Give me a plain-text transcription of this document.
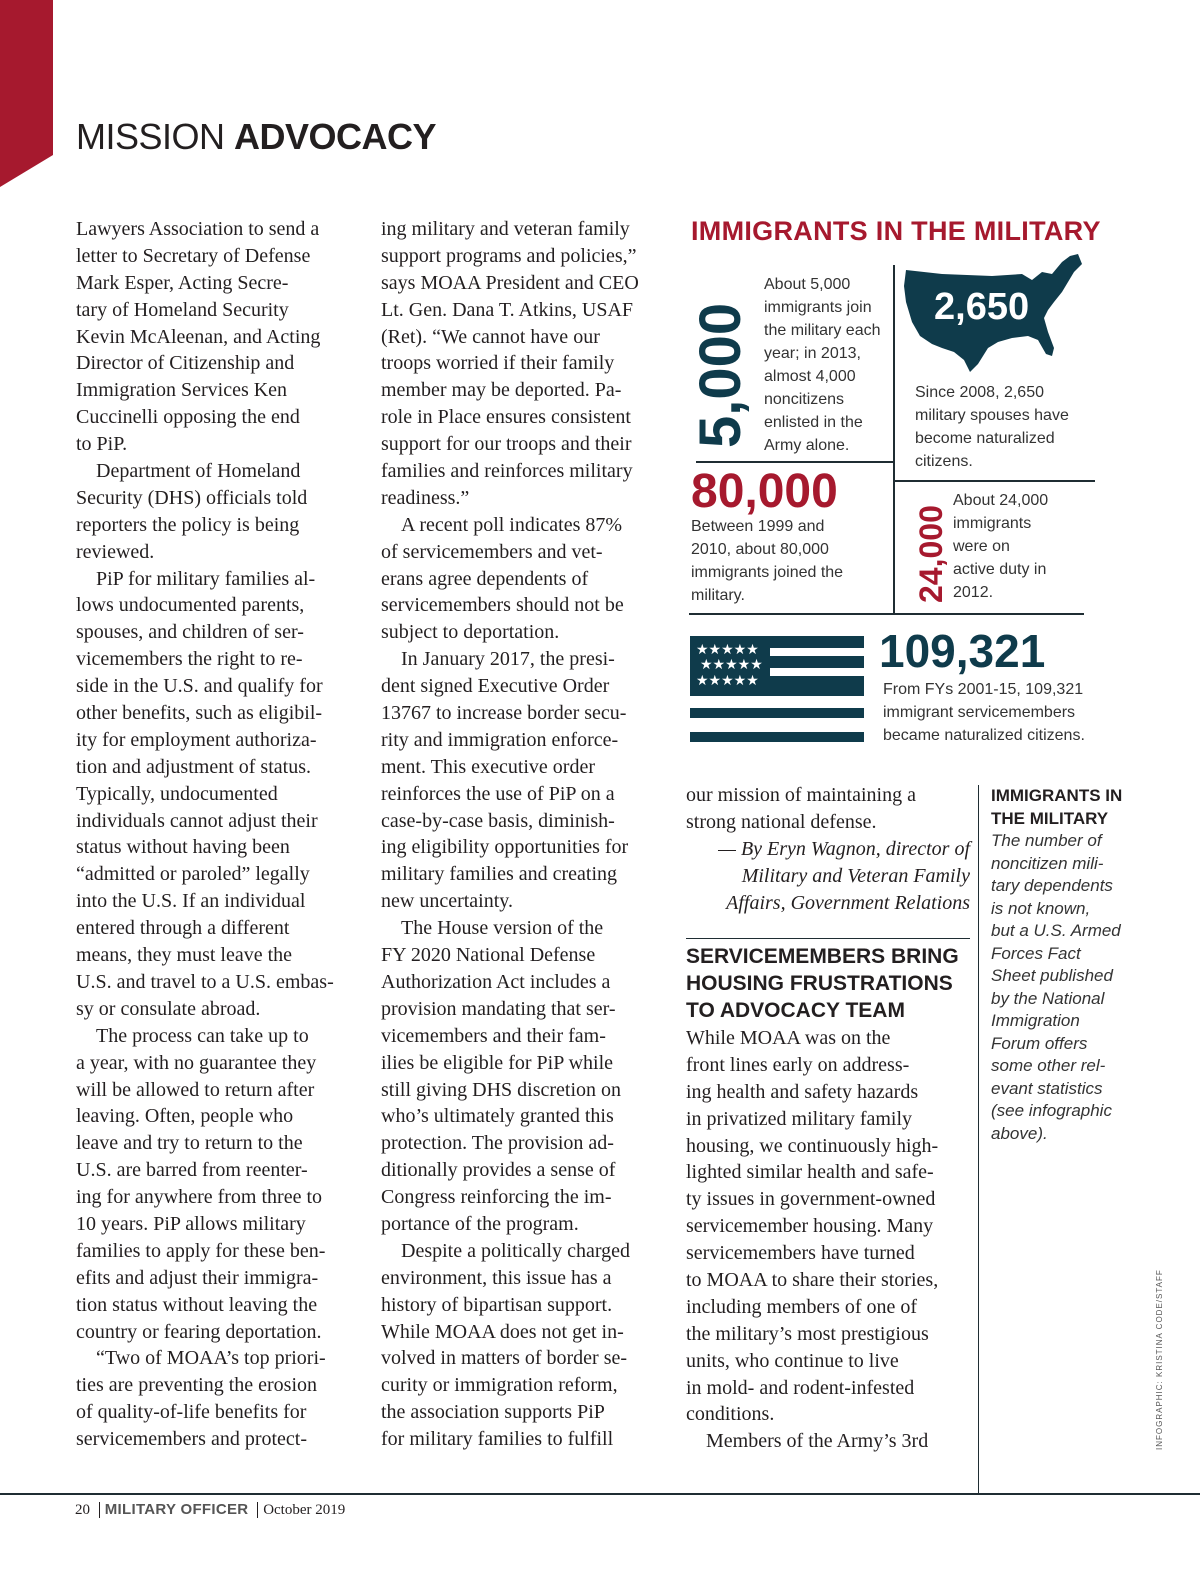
MISSION ADVOCACY
Lawyers Association to send a
letter to Secretary of Defense
Mark Esper, Acting Secre-
tary of Homeland Security
Kevin McAleenan, and Acting
Director of Citizenship and
Immigration Services Ken
Cuccinelli opposing the end
to PiP.
Department of Homeland
Security (DHS) officials told
reporters the policy is being
reviewed.
PiP for military families al-
lows undocumented parents,
spouses, and children of ser-
vicemembers the right to re-
side in the U.S. and qualify for
other benefits, such as eligibil-
ity for employment authoriza-
tion and adjustment of status.
Typically, undocumented
individuals cannot adjust their
status without having been
“admitted or paroled” legally
into the U.S. If an individual
entered through a different
means, they must leave the
U.S. and travel to a U.S. embas-
sy or consulate abroad.
The process can take up to
a year, with no guarantee they
will be allowed to return after
leaving. Often, people who
leave and try to return to the
U.S. are barred from reenter-
ing for anywhere from three to
10 years. PiP allows military
families to apply for these ben-
efits and adjust their immigra-
tion status without leaving the
country or fearing deportation.
“Two of MOAA’s top priori-
ties are preventing the erosion
of quality-of-life benefits for
servicemembers and protect-
ing military and veteran family
support programs and policies,”
says MOAA President and CEO
Lt. Gen. Dana T. Atkins, USAF
(Ret). “We cannot have our
troops worried if their family
member may be deported. Pa-
role in Place ensures consistent
support for our troops and their
families and reinforces military
readiness.”
A recent poll indicates 87%
of servicemembers and vet-
erans agree dependents of
servicemembers should not be
subject to deportation.
In January 2017, the presi-
dent signed Executive Order
13767 to increase border secu-
rity and immigration enforce-
ment. This executive order
reinforces the use of PiP on a
case-by-case basis, diminish-
ing eligibility opportunities for
military families and creating
new uncertainty.
The House version of the
FY 2020 National Defense
Authorization Act includes a
provision mandating that ser-
vicemembers and their fam-
ilies be eligible for PiP while
still giving DHS discretion on
who’s ultimately granted this
protection. The provision ad-
ditionally provides a sense of
Congress reinforcing the im-
portance of the program.
Despite a politically charged
environment, this issue has a
history of bipartisan support.
While MOAA does not get in-
volved in matters of border se-
curity or immigration reform,
the association supports PiP
for military families to fulfill
our mission of maintaining a
strong national defense.
— By Eryn Wagnon, director of
Military and Veteran Family
Affairs, Government Relations
SERVICEMEMBERS BRING
HOUSING FRUSTRATIONS
TO ADVOCACY TEAM
While MOAA was on the
front lines early on address-
ing health and safety hazards
in privatized military family
housing, we continuously high-
lighted similar health and safe-
ty issues in government-owned
servicemember housing. Many
servicemembers have turned
to MOAA to share their stories,
including members of one of
the military’s most prestigious
units, who continue to live
in mold- and rodent-infested
conditions.
Members of the Army’s 3rd
IMMIGRANTS IN
THE MILITARY
The number of
noncitizen mili-
tary dependents
is not known,
but a U.S. Armed
Forces Fact
Sheet published
by the National
Immigration
Forum offers
some other rel-
evant statistics
(see infographic
above).
IMMIGRANTS IN THE MILITARY
5,000
About 5,000
immigrants join
the military each
year; in 2013,
almost 4,000
noncitizens
enlisted in the
Army alone.
2,650
Since 2008, 2,650
military spouses have
become naturalized
citizens.
80,000
Between 1999 and
2010, about 80,000
immigrants joined the
military.	24,000
About 24,000
immigrants
were on
active duty in
2012.
★★★★★
★★★★★
★★★★★
109,321
From FYs 2001-15, 109,321
immigrant servicemembers
became naturalized citizens.
INFOGRAPHIC: KRISTINA CODE/STAFF
20 MILITARY OFFICER October 2019
